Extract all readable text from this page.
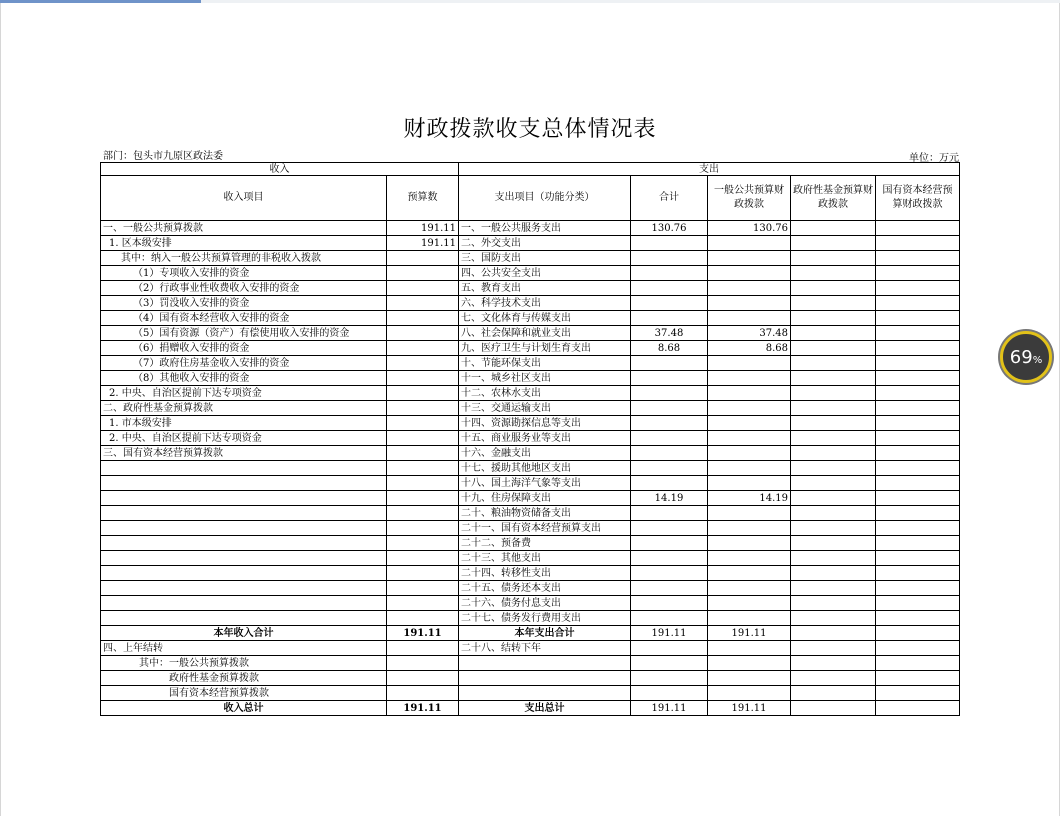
财政拨款收支总体情况表
部门：包头市九原区政法委	单位：万元
收入		支出				
收入项目	预算数	支出项目（功能分类）	合计	一般公共预算财政拨款	政府性基金预算财政拨款	国有资本经营预算财政拨款
一、一般公共预算拨款	191.11	一、一般公共服务支出	130.76	130.76		
1. 区本级安排	191.11	二、外交支出				
其中：纳入一般公共预算管理的非税收入拨款		三、国防支出				
（1）专项收入安排的资金		四、公共安全支出				
（2）行政事业性收费收入安排的资金		五、教育支出				
（3）罚没收入安排的资金		六、科学技术支出				
（4）国有资本经营收入安排的资金		七、文化体育与传媒支出				
（5）国有资源（资产）有偿使用收入安排的资金		八、社会保障和就业支出	37.48	37.48		
（6）捐赠收入安排的资金		九、医疗卫生与计划生育支出	8.68	8.68		
（7）政府住房基金收入安排的资金		十、节能环保支出				
（8）其他收入安排的资金		十一、城乡社区支出				
2. 中央、自治区提前下达专项资金		十二、农林水支出				
二、政府性基金预算拨款		十三、交通运输支出				
1. 市本级安排		十四、资源勘探信息等支出				
2. 中央、自治区提前下达专项资金		十五、商业服务业等支出				
三、国有资本经营预算拨款		十六、金融支出				
		十七、援助其他地区支出				
		十八、国土海洋气象等支出				
		十九、住房保障支出	14.19	14.19		
		二十、粮油物资储备支出				
		二十一、国有资本经营预算支出				
		二十二、预备费				
		二十三、其他支出				
		二十四、转移性支出				
		二十五、债务还本支出				
		二十六、债务付息支出				
		二十七、债务发行费用支出				
本年收入合计	191.11	本年支出合计	191.11	191.11		
四、上年结转		二十八、结转下年				
其中：一般公共预算拨款						
政府性基金预算拨款						
国有资本经营预算拨款						
收入总计	191.11	支出总计	191.11	191.11		
69 %
